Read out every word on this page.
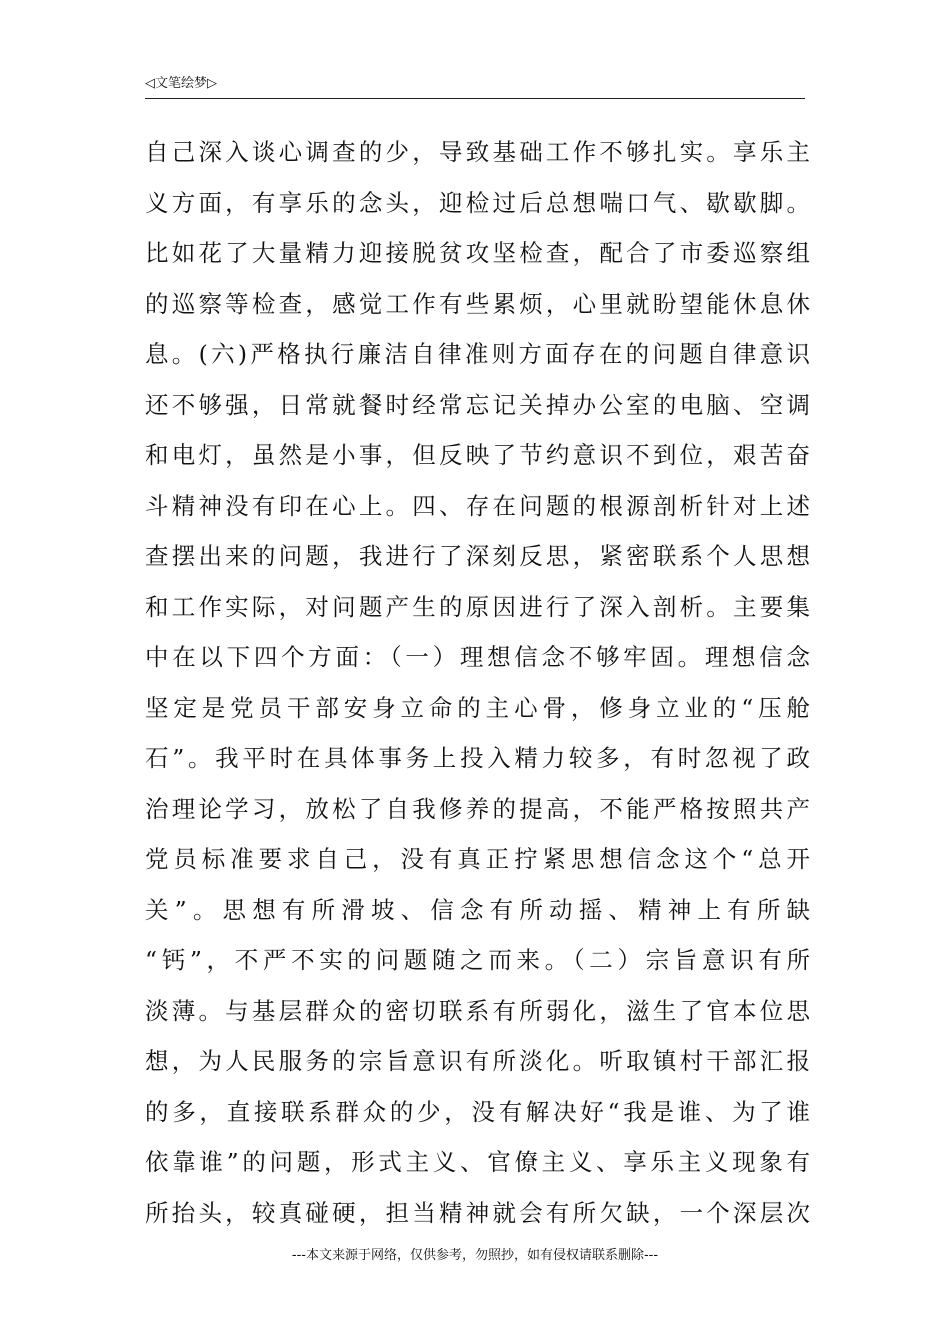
◁文笔绘梦▷
自己深入谈心调查的少，导致基础工作不够扎实。享乐主
义方面，有享乐的念头，迎检过后总想喘口气、歇歇脚。
比如花了大量精力迎接脱贫攻坚检查，配合了市委巡察组
的巡察等检查，感觉工作有些累烦，心里就盼望能休息休
息。(六)严格执行廉洁自律准则方面存在的问题自律意识
还不够强，日常就餐时经常忘记关掉办公室的电脑、空调
和电灯，虽然是小事，但反映了节约意识不到位，艰苦奋
斗精神没有印在心上。四、存在问题的根源剖析针对上述
查摆出来的问题，我进行了深刻反思，紧密联系个人思想
和工作实际，对问题产生的原因进行了深入剖析。主要集
中在以下四个方面：（一）理想信念不够牢固。理想信念
坚定是党员干部安身立命的主心骨，修身立业的“压舱
石”。我平时在具体事务上投入精力较多，有时忽视了政
治理论学习，放松了自我修养的提高，不能严格按照共产
党员标准要求自己，没有真正拧紧思想信念这个“总开
关”。思想有所滑坡、信念有所动摇、精神上有所缺
“钙”，不严不实的问题随之而来。（二）宗旨意识有所
淡薄。与基层群众的密切联系有所弱化，滋生了官本位思
想，为人民服务的宗旨意识有所淡化。听取镇村干部汇报
的多，直接联系群众的少，没有解决好“我是谁、为了谁
依靠谁”的问题，形式主义、官僚主义、享乐主义现象有
所抬头，较真碰硬，担当精神就会有所欠缺，一个深层次
---本文来源于网络，仅供参考，勿照抄，如有侵权请联系删除---
